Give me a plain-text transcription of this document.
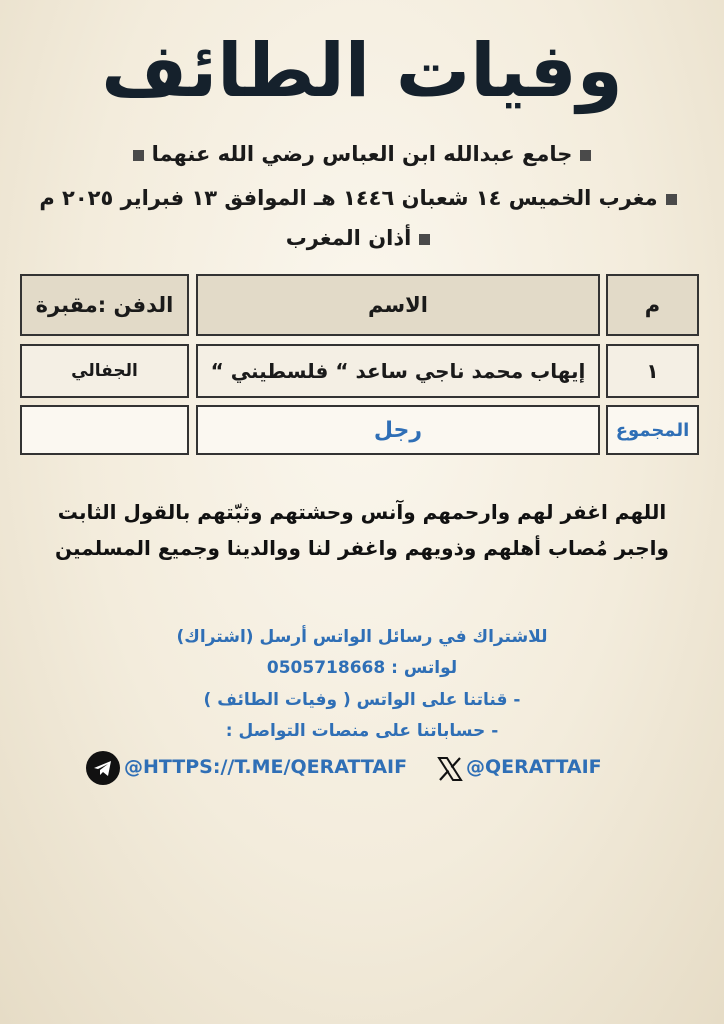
وفيات الطائف
جامع عبدالله ابن العباس رضي الله عنهما
مغرب الخميس ١٤ شعبان ١٤٤٦ هـ الموافق ١٣ فبراير ٢٠٢٥ م
أذان المغرب
م
الاسم
الدفن :مقبرة
١
إيهاب محمد ناجي ساعد “ فلسطيني “
الجفالي
المجموع
رجل
اللهم اغفر لهم وارحمهم وآنس وحشتهم وثبّتهم بالقول الثابت
واجبر مُصاب أهلهم وذويهم واغفر لنا ووالدينا وجميع المسلمين
للاشتراك في رسائل الواتس أرسل (اشتراك)
لواتس : 0505718668
- قناتنا على الواتس ( وفيات الطائف )
- حساباتنا على منصات التواصل :
@HTTPS://T.ME/QERATTAIF	@QERATTAIF
